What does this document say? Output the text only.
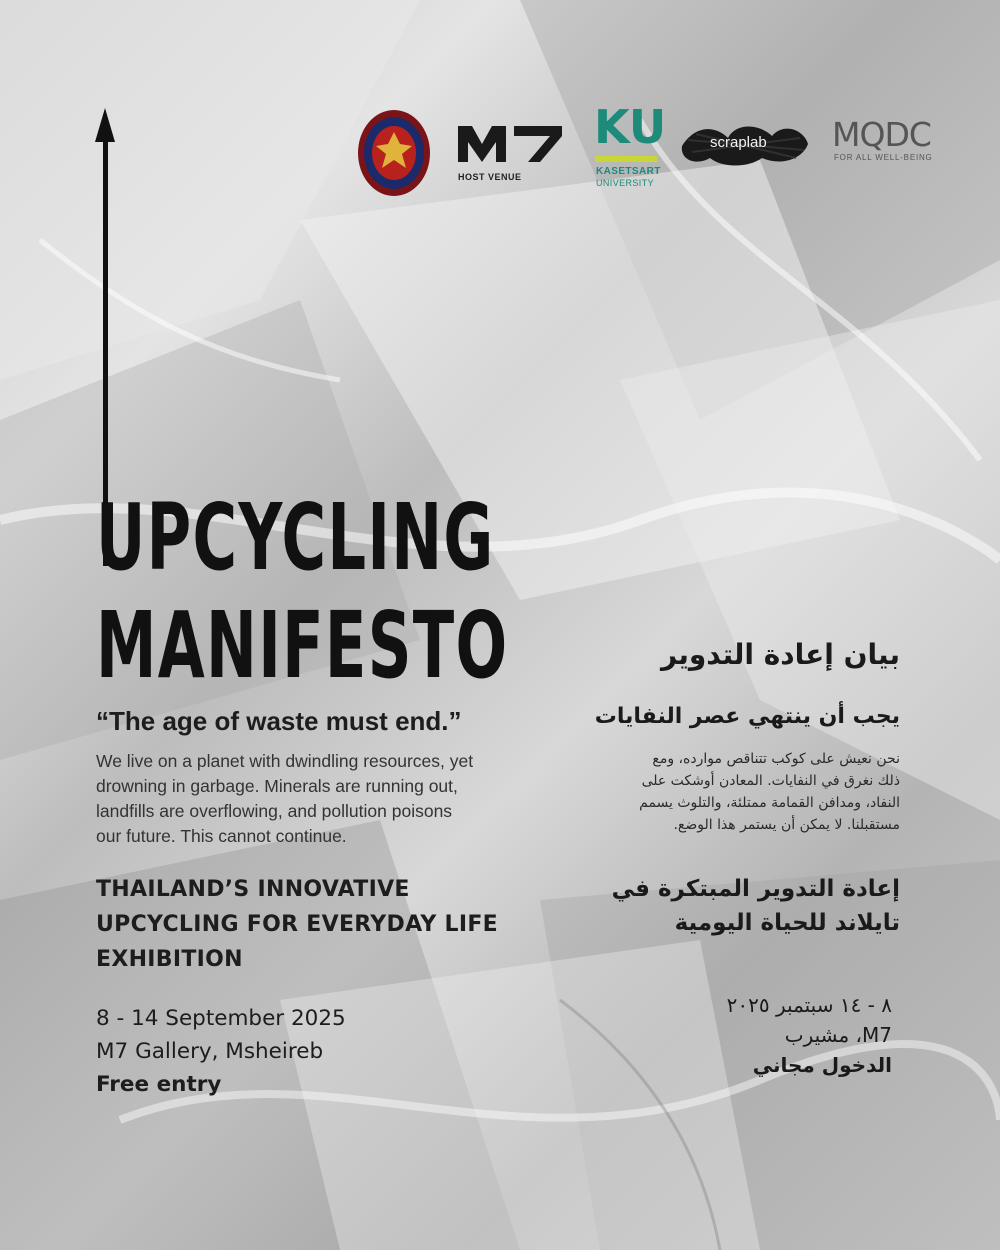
HOST VENUE
KU
KASETSART
UNIVERSITY
scraplab MQDC
FOR ALL WELL-BEING
UPCYCLING
MANIFESTO
“The age of waste must end.”
We live on a planet with dwindling resources, yet
drowning in garbage. Minerals are running out,
landfills are overflowing, and pollution poisons
our future. This cannot continue.
THAILAND’S INNOVATIVE
UPCYCLING FOR EVERYDAY LIFE
EXHIBITION
8 - 14 September 2025
M7 Gallery, Msheireb
Free entry
بيان إعادة التدوير
يجب أن ينتهي عصر النفايات
نحن نعيش على كوكب تتناقص موارده، ومع
ذلك نغرق في النفايات. المعادن أوشكت على
النفاد، ومدافن القمامة ممتلئة، والتلوث يسمم
مستقبلنا. لا يمكن أن يستمر هذا الوضع.
إعادة التدوير المبتكرة في
تايلاند للحياة اليومية
٨ - ١٤ سبتمبر ٢٠٢٥
M7، مشيرب
الدخول مجاني
